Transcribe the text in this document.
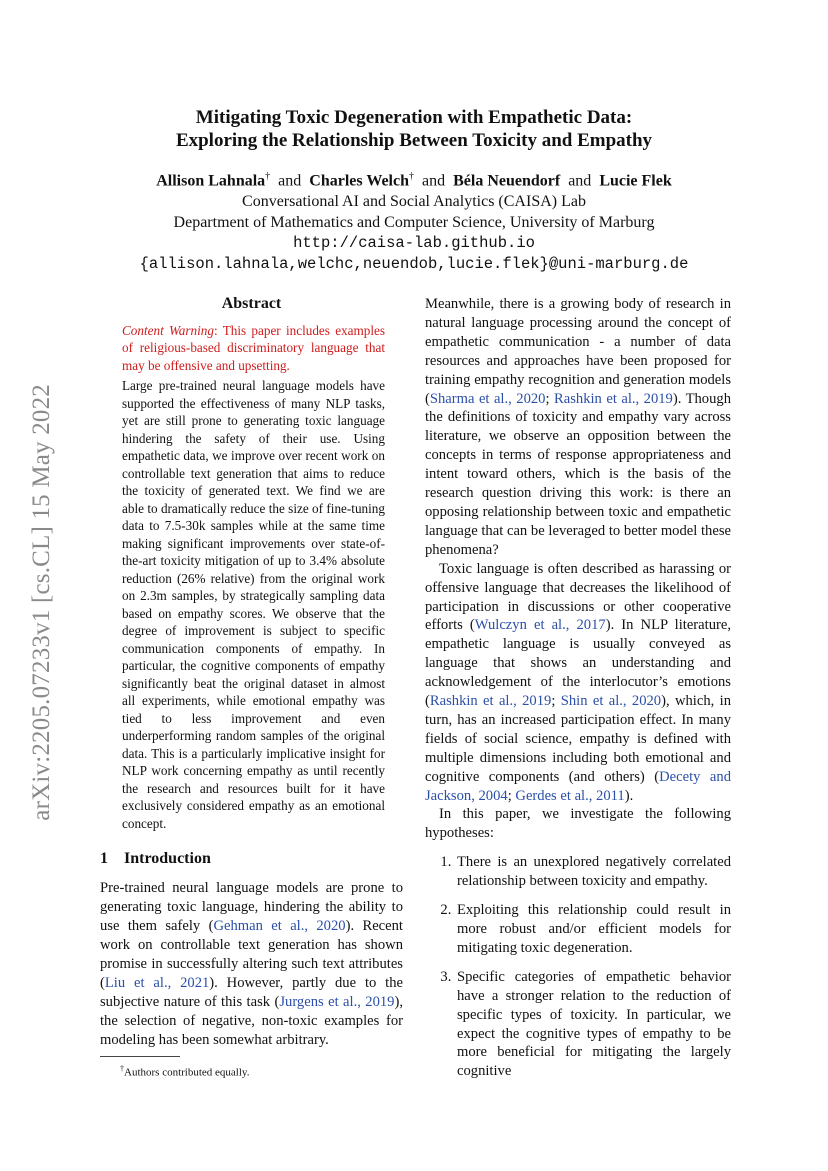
arXiv:2205.07233v1 [cs.CL] 15 May 2022
Mitigating Toxic Degeneration with Empathetic Data:
Exploring the Relationship Between Toxicity and Empathy
Allison Lahnala† and Charles Welch† and Béla Neuendorf and Lucie Flek
Conversational AI and Social Analytics (CAISA) Lab
Department of Mathematics and Computer Science, University of Marburg
http://caisa-lab.github.io
{allison.lahnala,welchc,neuendob,lucie.flek}@uni-marburg.de
Abstract

Content Warning: This paper includes examples of religious-based discriminatory language that may be offensive and upsetting.

Large pre-trained neural language models have supported the effectiveness of many NLP tasks, yet are still prone to generating toxic language hindering the safety of their use. Using empathetic data, we improve over recent work on controllable text generation that aims to reduce the toxicity of generated text. We find we are able to dramatically reduce the size of fine-tuning data to 7.5-30k samples while at the same time making significant improvements over state-of-the-art toxicity mitigation of up to 3.4% absolute reduction (26% relative) from the original work on 2.3m samples, by strategically sampling data based on empathy scores. We observe that the degree of improvement is subject to specific communication components of empathy. In particular, the cognitive components of empathy significantly beat the original dataset in almost all experiments, while emotional empathy was tied to less improvement and even underperforming random samples of the original data. This is a particularly implicative insight for NLP work concerning empathy as until recently the research and resources built for it have exclusively considered empathy as an emotional concept.

1 Introduction

Pre-trained neural language models are prone to generating toxic language, hindering the ability to use them safely (Gehman et al., 2020). Recent work on controllable text generation has shown promise in successfully altering such text attributes (Liu et al., 2021). However, partly due to the subjective nature of this task (Jurgens et al., 2019), the selection of negative, non-toxic examples for modeling has been somewhat arbitrary.

†Authors contributed equally.

Meanwhile, there is a growing body of research in natural language processing around the concept of empathetic communication - a number of data resources and approaches have been proposed for training empathy recognition and generation models (Sharma et al., 2020; Rashkin et al., 2019). Though the definitions of toxicity and empathy vary across literature, we observe an opposition between the concepts in terms of response appropriateness and intent toward others, which is the basis of the research question driving this work: is there an opposing relationship between toxic and empathetic language that can be leveraged to better model these phenomena?

Toxic language is often described as harassing or offensive language that decreases the likelihood of participation in discussions or other cooperative efforts (Wulczyn et al., 2017). In NLP literature, empathetic language is usually conveyed as language that shows an understanding and acknowledgement of the interlocutor’s emotions (Rashkin et al., 2019; Shin et al., 2020), which, in turn, has an increased participation effect. In many fields of social science, empathy is defined with multiple dimensions including both emotional and cognitive components (and others) (Decety and Jackson, 2004; Gerdes et al., 2011).

In this paper, we investigate the following hypotheses:

1. There is an unexplored negatively correlated relationship between toxicity and empathy.
2. Exploiting this relationship could result in more robust and/or efficient models for mitigating toxic degeneration.
3. Specific categories of empathetic behavior have a stronger relation to the reduction of specific types of toxicity. In particular, we expect the cognitive types of empathy to be more beneficial for mitigating the largely cognitive
